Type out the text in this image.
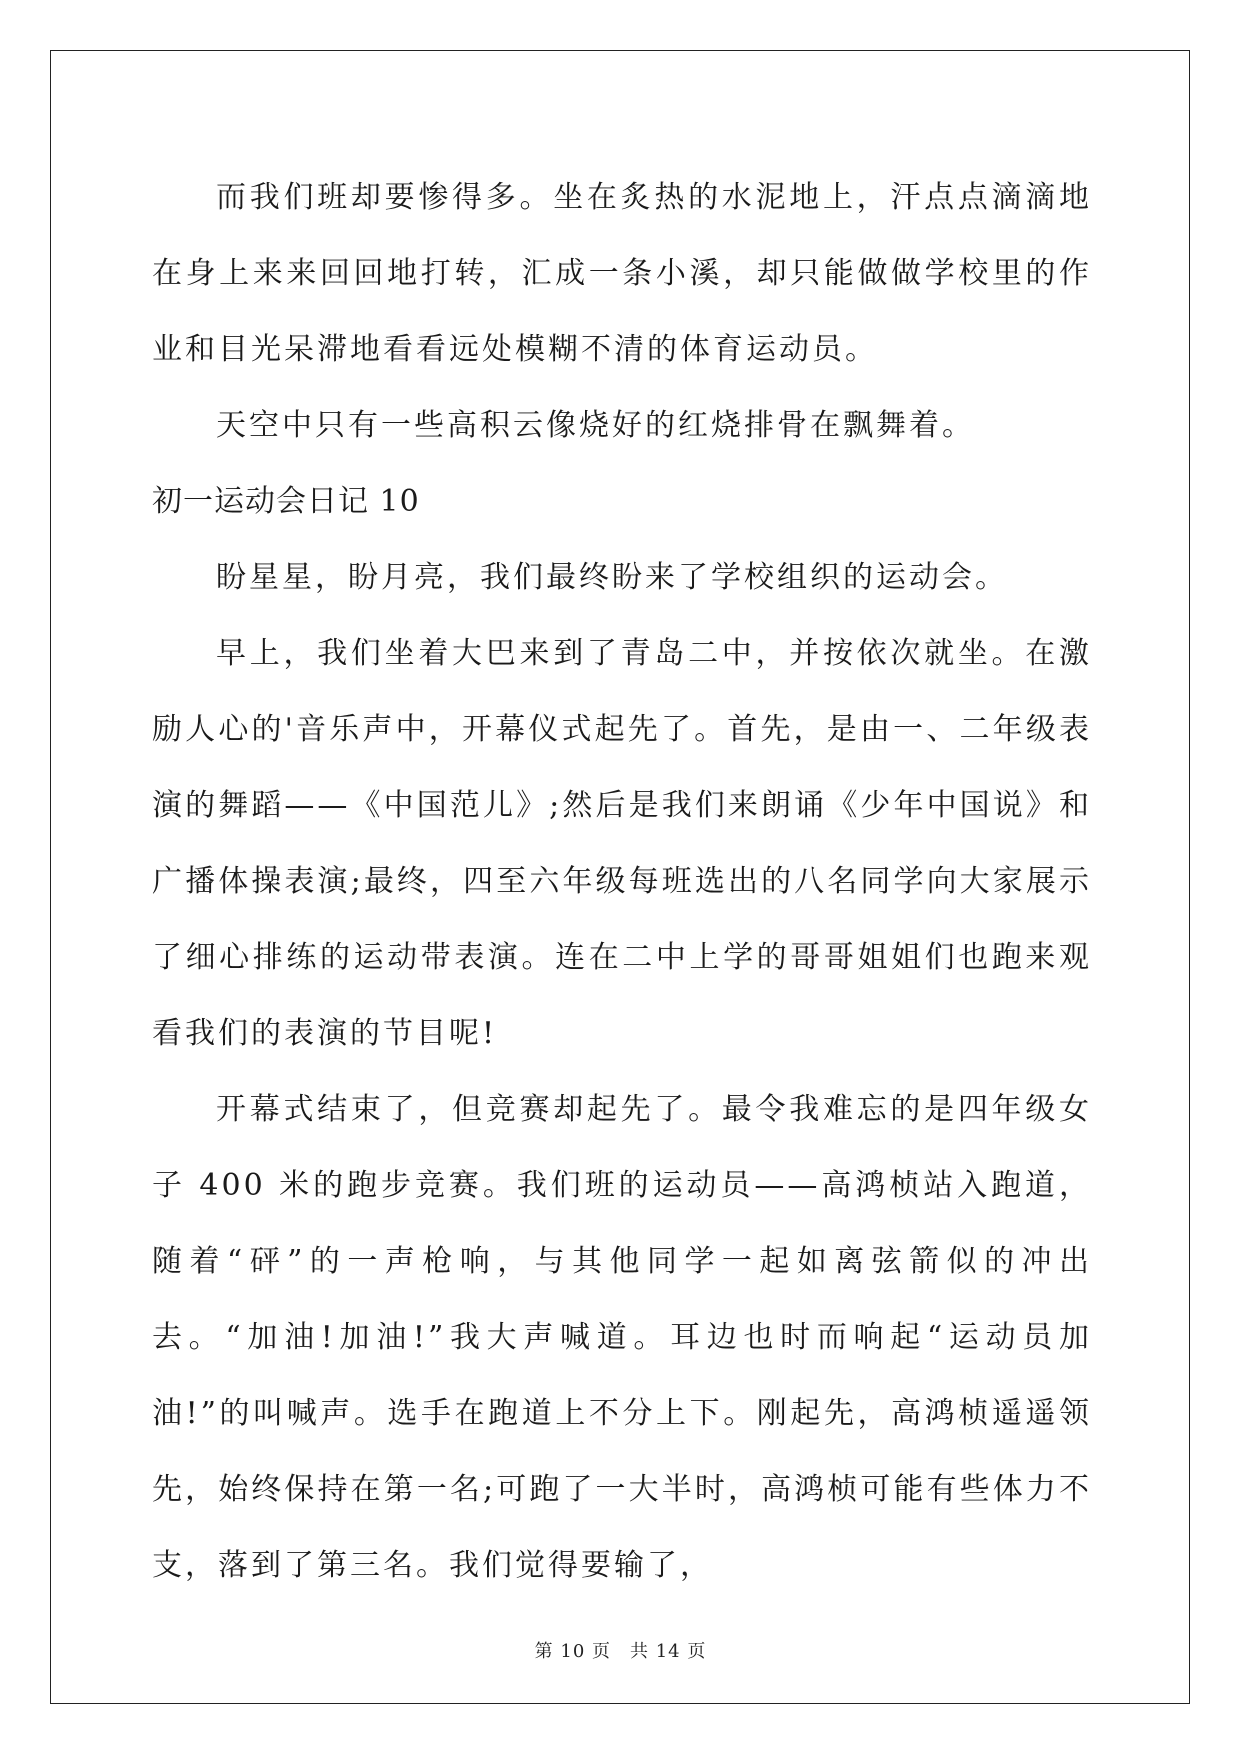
而我们班却要惨得多。坐在炙热的水泥地上，汗点点滴滴地在身上来来回回地打转，汇成一条小溪，却只能做做学校里的作业和目光呆滞地看看远处模糊不清的体育运动员。

天空中只有一些高积云像烧好的红烧排骨在飘舞着。

初一运动会日记 10

盼星星，盼月亮，我们最终盼来了学校组织的运动会。

早上，我们坐着大巴来到了青岛二中，并按依次就坐。在激励人心的'音乐声中，开幕仪式起先了。首先，是由一、二年级表演的舞蹈——《中国范儿》;然后是我们来朗诵《少年中国说》和广播体操表演;最终，四至六年级每班选出的八名同学向大家展示了细心排练的运动带表演。连在二中上学的哥哥姐姐们也跑来观看我们的表演的节目呢!

开幕式结束了，但竞赛却起先了。最令我难忘的是四年级女子 400 米的跑步竞赛。我们班的运动员——高鸿桢站入跑道，随着“砰”的一声枪响，与其他同学一起如离弦箭似的冲出去。“加油!加油!”我大声喊道。耳边也时而响起“运动员加油!”的叫喊声。选手在跑道上不分上下。刚起先，高鸿桢遥遥领先，始终保持在第一名;可跑了一大半时，高鸿桢可能有些体力不支，落到了第三名。我们觉得要输了，

第 10 页　共 14 页
